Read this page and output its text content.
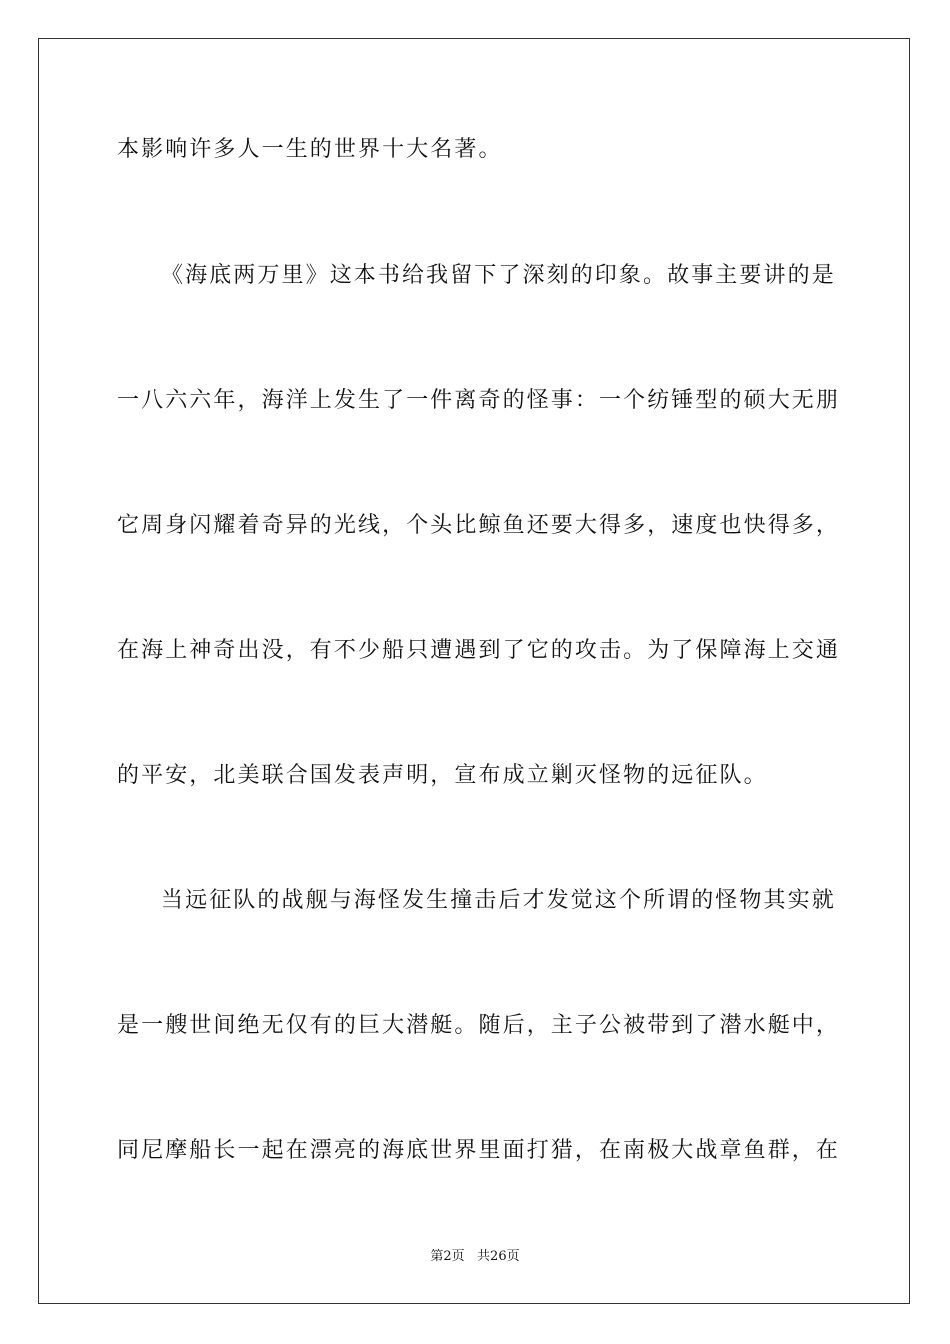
本影响许多人一生的世界十大名著。
《海底两万里》这本书给我留下了深刻的印象。故事主要讲的是
一八六六年，海洋上发生了一件离奇的怪事：一个纺锤型的硕大无朋
它周身闪耀着奇异的光线，个头比鲸鱼还要大得多，速度也快得多，
在海上神奇出没，有不少船只遭遇到了它的攻击。为了保障海上交通
的平安，北美联合国发表声明，宣布成立剿灭怪物的远征队。
当远征队的战舰与海怪发生撞击后才发觉这个所谓的怪物其实就
是一艘世间绝无仅有的巨大潜艇。随后，主子公被带到了潜水艇中，
同尼摩船长一起在漂亮的海底世界里面打猎，在南极大战章鱼群，在
第2页   共26页
